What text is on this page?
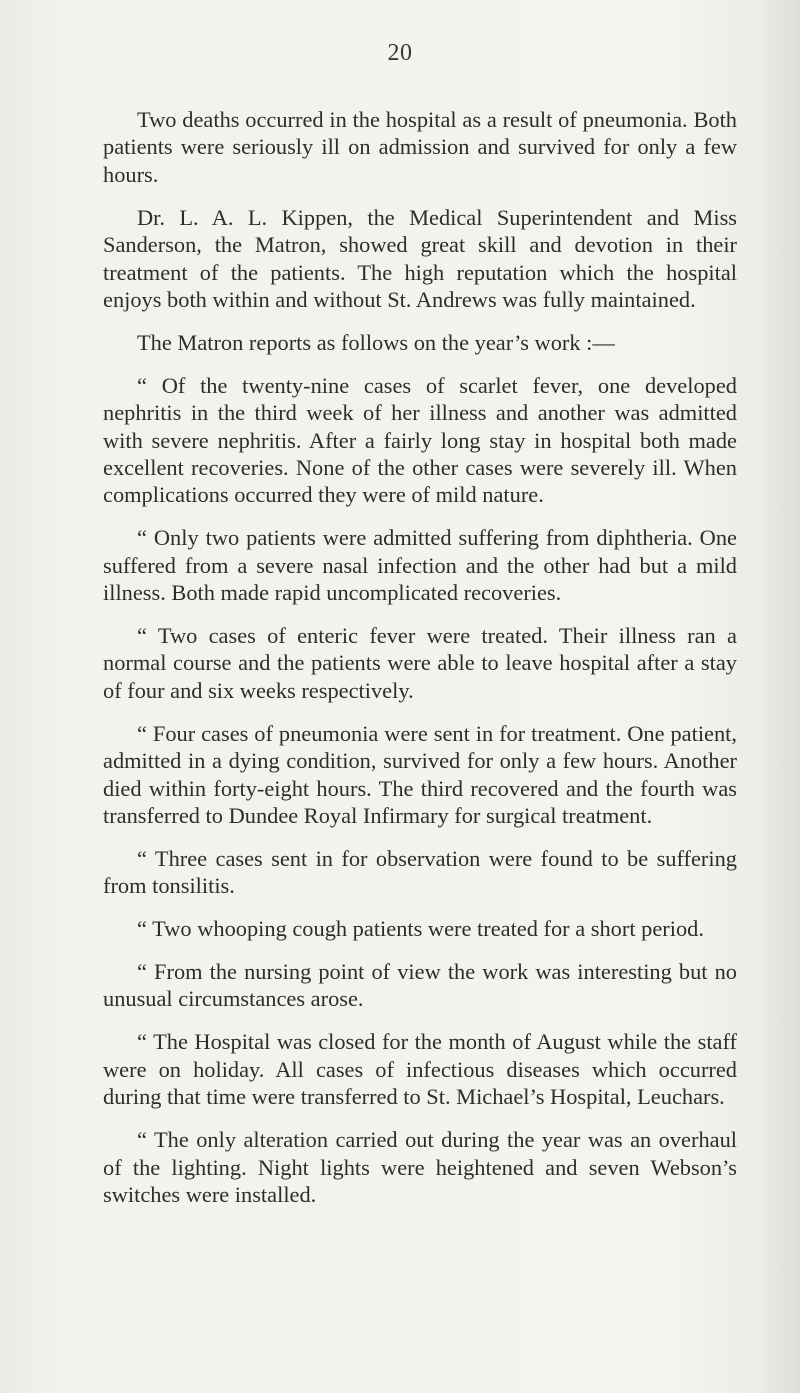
20

Two deaths occurred in the hospital as a result of pneumonia. Both patients were seriously ill on admission and survived for only a few hours.

Dr. L. A. L. Kippen, the Medical Superintendent and Miss Sanderson, the Matron, showed great skill and devotion in their treatment of the patients. The high reputation which the hospital enjoys both within and without St. Andrews was fully maintained.

The Matron reports as follows on the year’s work :—

“ Of the twenty-nine cases of scarlet fever, one developed nephritis in the third week of her illness and another was admitted with severe nephritis. After a fairly long stay in hospital both made excellent recoveries. None of the other cases were severely ill. When complications occurred they were of mild nature.

“ Only two patients were admitted suffering from diphtheria. One suffered from a severe nasal infection and the other had but a mild illness. Both made rapid uncomplicated recoveries.

“ Two cases of enteric fever were treated. Their illness ran a normal course and the patients were able to leave hospital after a stay of four and six weeks respectively.

“ Four cases of pneumonia were sent in for treatment. One patient, admitted in a dying condition, survived for only a few hours. Another died within forty-eight hours. The third recovered and the fourth was transferred to Dundee Royal Infirmary for surgical treatment.

“ Three cases sent in for observation were found to be suffering from tonsilitis.

“ Two whooping cough patients were treated for a short period.

“ From the nursing point of view the work was interesting but no unusual circumstances arose.

“ The Hospital was closed for the month of August while the staff were on holiday. All cases of infectious diseases which occurred during that time were transferred to St. Michael’s Hospital, Leuchars.

“ The only alteration carried out during the year was an overhaul of the lighting. Night lights were heightened and seven Webson’s switches were installed.
